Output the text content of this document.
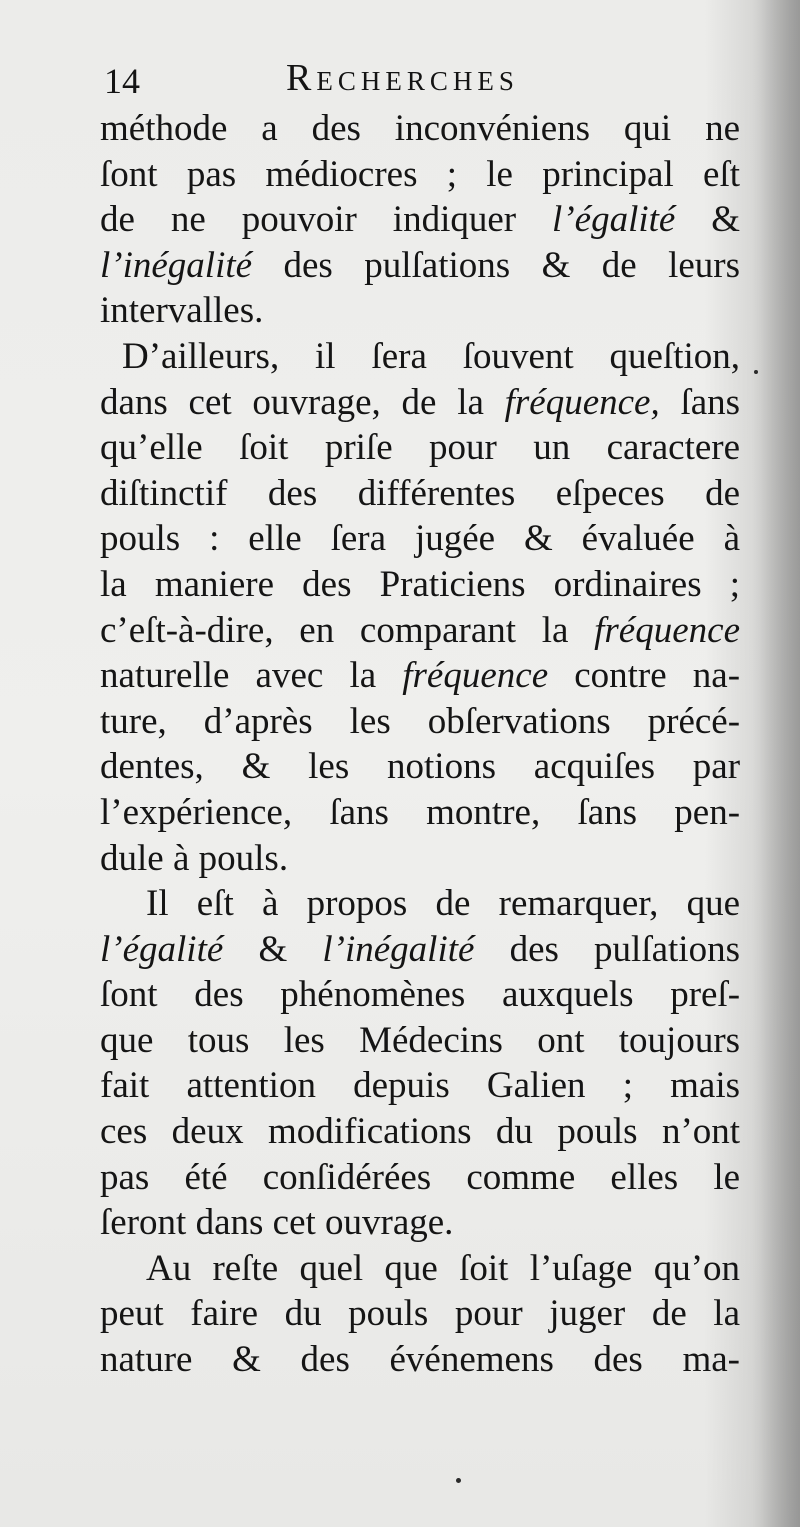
14	Recherches
méthode a des inconvéniens qui ne
ſont pas médiocres ; le principal eſt
de ne pouvoir indiquer l’égalité &
l’inégalité des pulſations & de leurs
intervalles.
D’ailleurs, il ſera ſouvent queſtion,
dans cet ouvrage, de la fréquence, ſans
qu’elle ſoit priſe pour un caractere
diſtinctif des différentes eſpeces de
pouls : elle ſera jugée & évaluée à
la maniere des Praticiens ordinaires ;
c’eſt-à-dire, en comparant la fréquence
naturelle avec la fréquence contre na-
ture, d’après les obſervations précé-
dentes, & les notions acquiſes par
l’expérience, ſans montre, ſans pen-
dule à pouls.
Il eſt à propos de remarquer, que
l’égalité & l’inégalité des pulſations
ſont des phénomènes auxquels preſ-
que tous les Médecins ont toujours
fait attention depuis Galien ; mais
ces deux modifications du pouls n’ont
pas été conſidérées comme elles le
ſeront dans cet ouvrage.
Au reſte quel que ſoit l’uſage qu’on
peut faire du pouls pour juger de la
nature & des événemens des ma-
